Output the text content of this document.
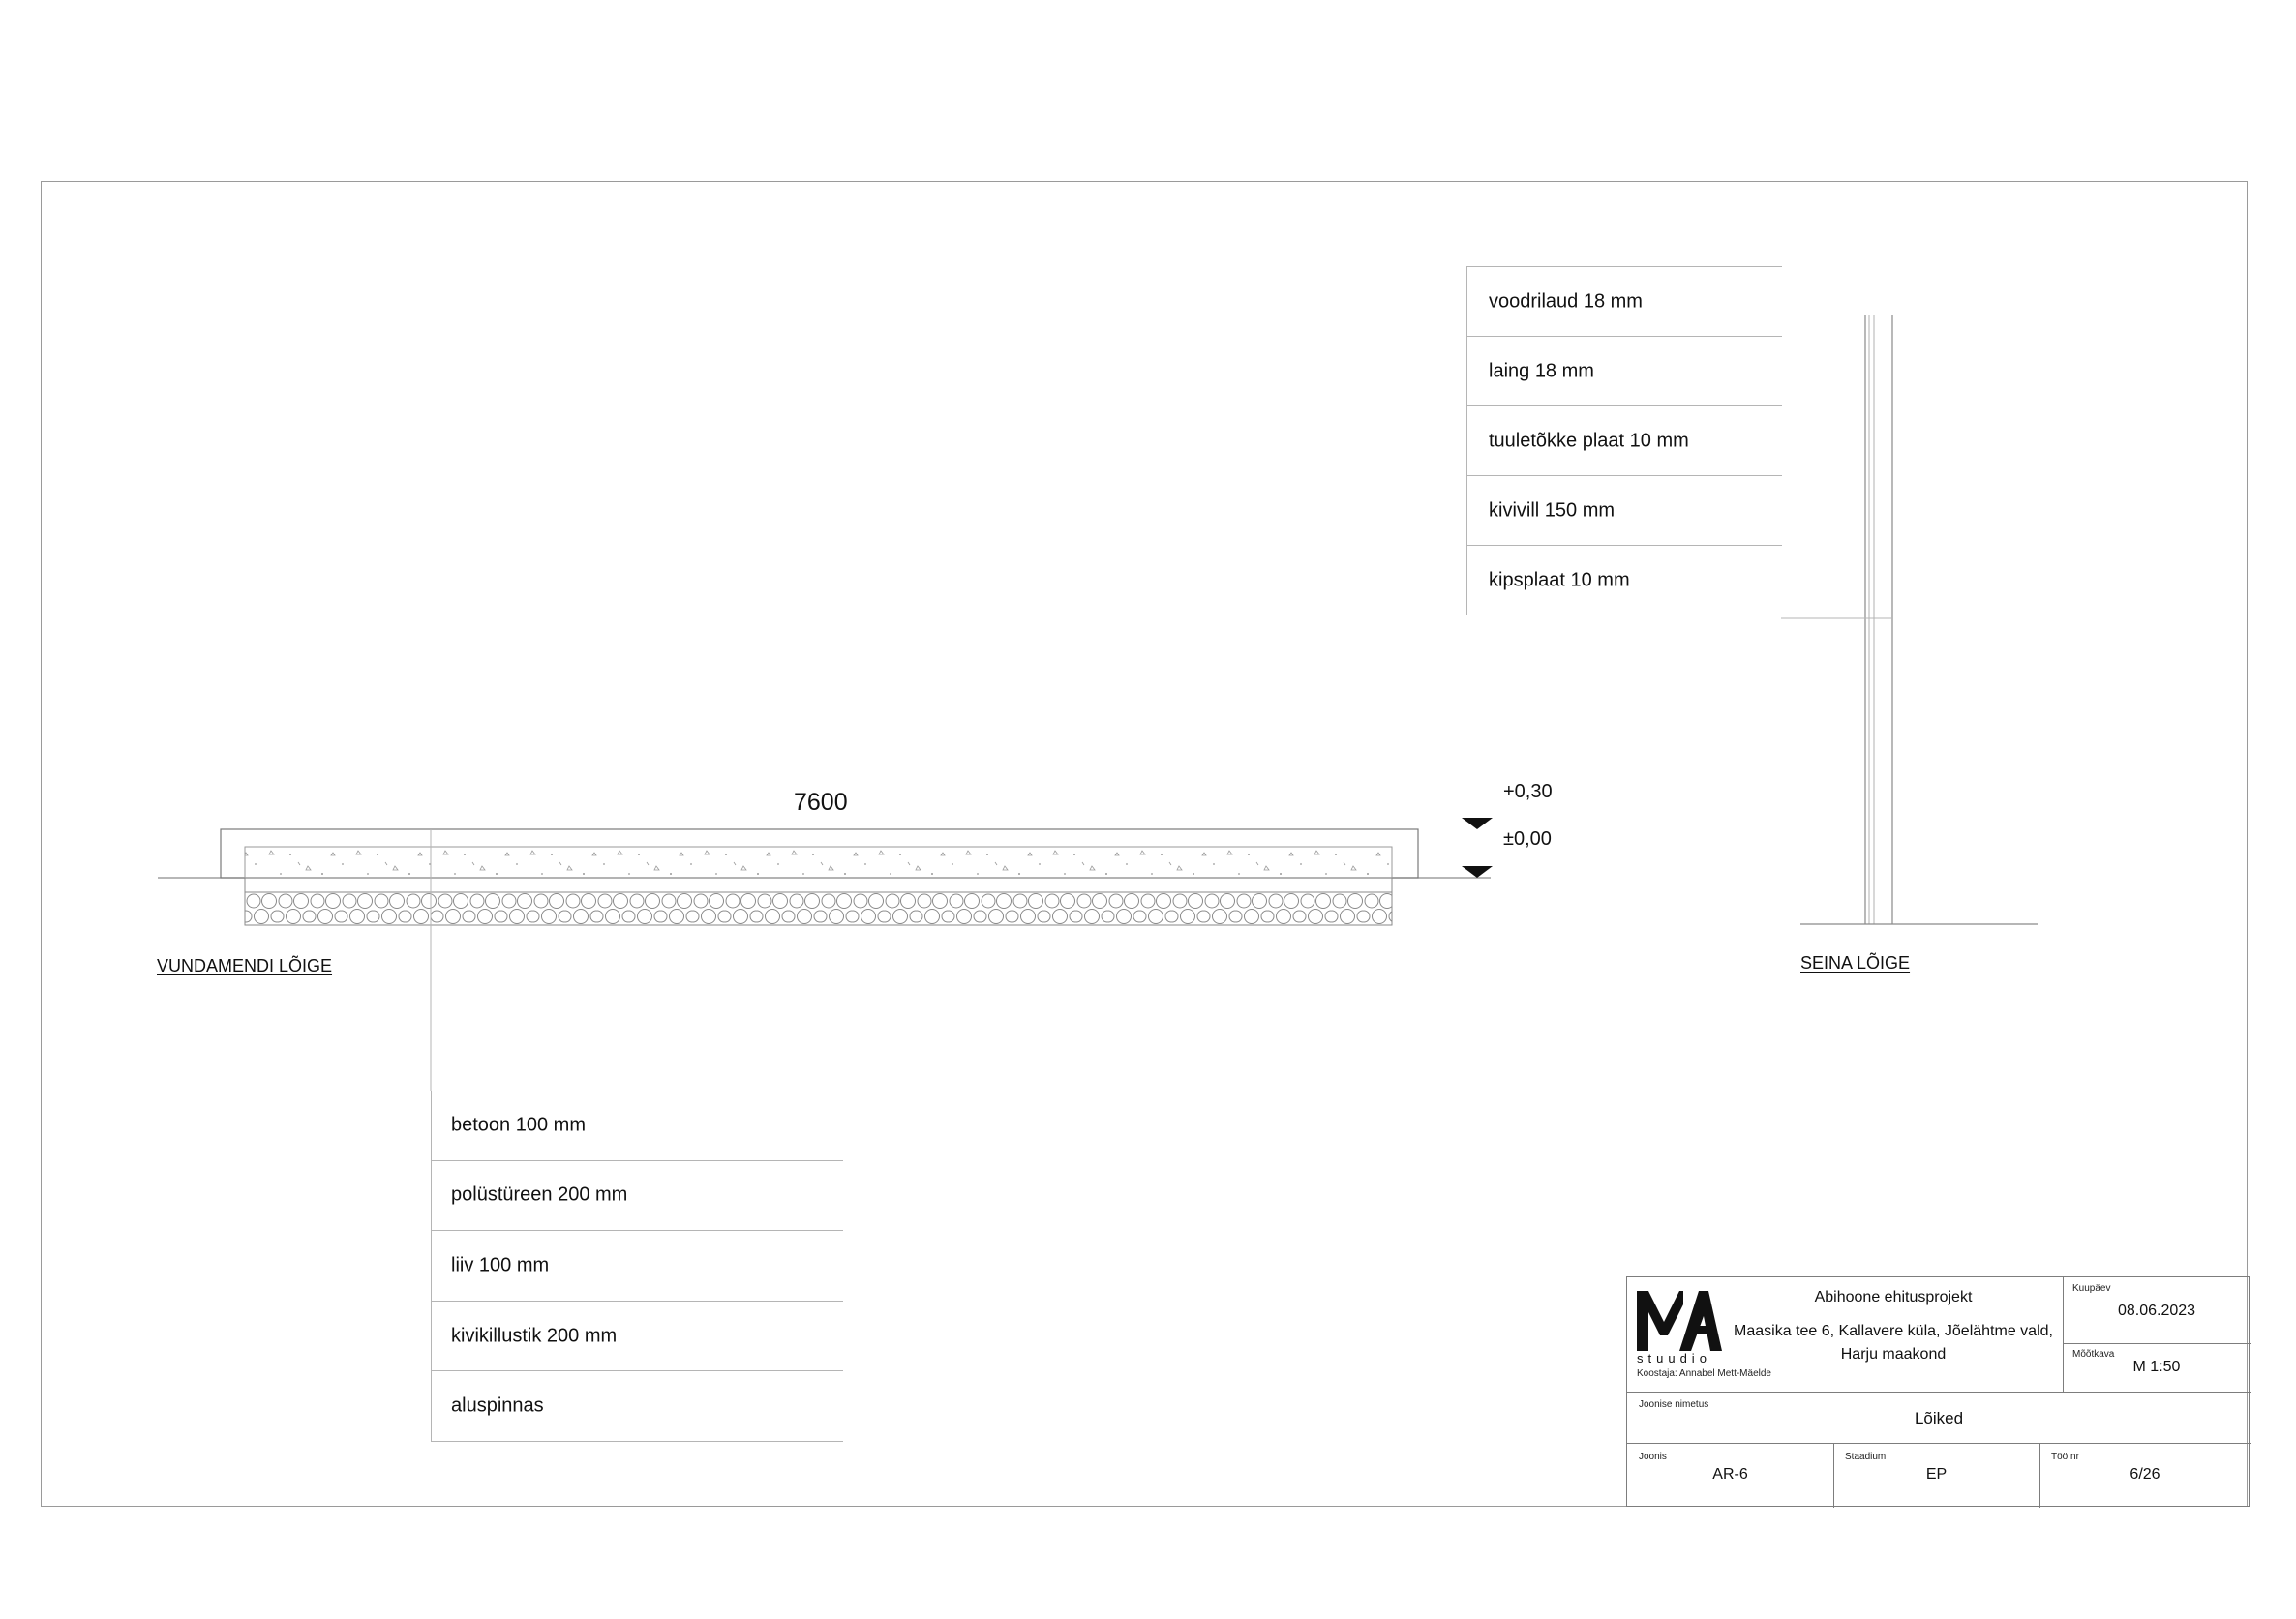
voodrilaud 18 mm
laing 18 mm
tuuletõkke plaat 10 mm
kivivill 150 mm
kipsplaat 10 mm
betoon 100 mm
polüstüreen 200 mm
liiv 100 mm
kivikillustik 200 mm
aluspinnas
7600	+0,30
±0,00
VUNDAMENDI LÕIGE	SEINA LÕIGE
stuudio
Koostaja: Annabel Mett-Mäelde
Abihoone ehitusprojekt
Maasika tee 6, Kallavere küla, Jõelähtme vald,
Harju maakond
Kuupäev
08.06.2023
Mõõtkava
M 1:50
Joonise nimetus
Lõiked
Joonis
AR-6
Staadium
EP
Töö nr
6/26
